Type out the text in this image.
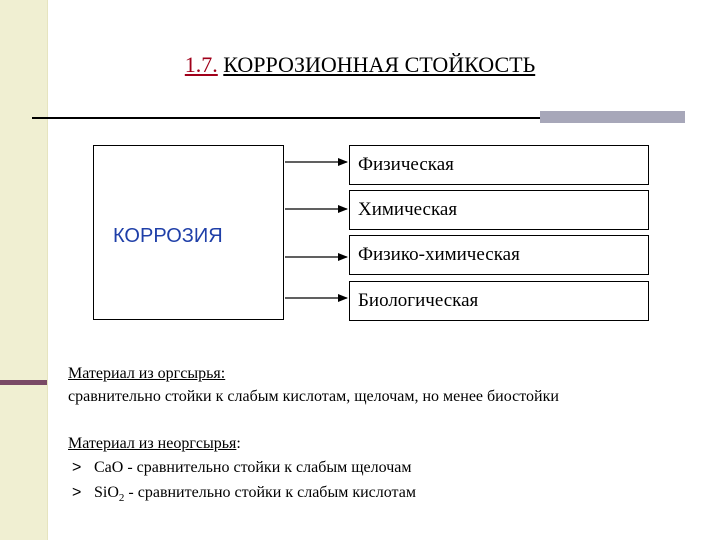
1.7. КОРРОЗИОННАЯ СТОЙКОСТЬ
КОРРОЗИЯ
Физическая
Химическая
Физико-химическая
Биологическая
Материал из оргсырья:
сравнительно стойки к слабым кислотам, щелочам, но менее биостойки
Материал из неоргсырья:
> CaO - сравнительно стойки к слабым щелочам
> SiO$_2$ - сравнительно стойки к слабым кислотам
